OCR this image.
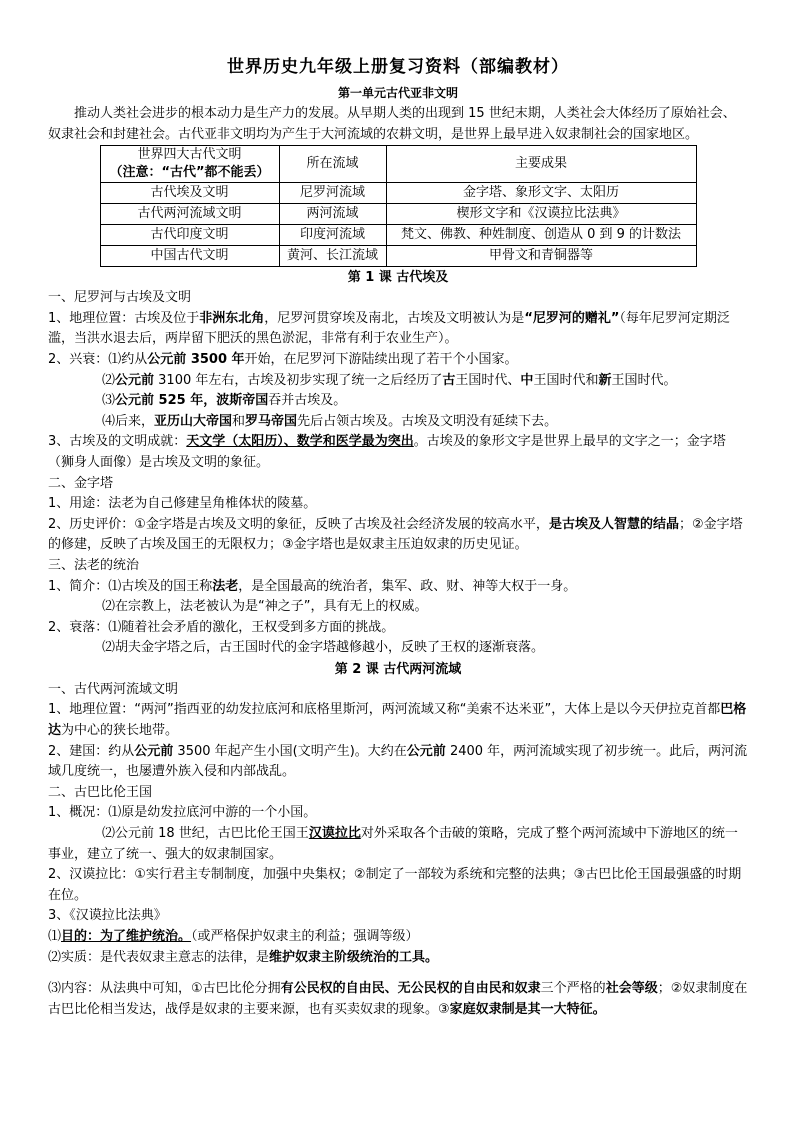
世界历史九年级上册复习资料（部编教材）
第一单元古代亚非文明

推动人类社会进步的根本动力是生产力的发展。从早期人类的出现到 15 世纪末期，人类社会大体经历了原始社会、奴隶社会和封建社会。古代亚非文明均为产生于大河流域的农耕文明，是世界上最早进入奴隶制社会的国家地区。

世界四大古代文明
（注意：“古代”都不能丢）	所在流域	主要成果
古代埃及文明	尼罗河流域	金字塔、象形文字、太阳历
古代两河流域文明	两河流域	楔形文字和《汉谟拉比法典》
古代印度文明	印度河流域	梵文、佛教、种姓制度、创造从 0 到 9 的计数法
中国古代文明	黄河、长江流域	甲骨文和青铜器等
第 1 课 古代埃及

一、尼罗河与古埃及文明

1、地理位置：古埃及位于非洲东北角，尼罗河贯穿埃及南北，古埃及文明被认为是“尼罗河的赠礼”（每年尼罗河定期泛滥，当洪水退去后，两岸留下肥沃的黑色淤泥，非常有利于农业生产）。

2、兴衰：⑴约从公元前 3500 年开始，在尼罗河下游陆续出现了若干个小国家。

⑵公元前 3100 年左右，古埃及初步实现了统一之后经历了古王国时代、中王国时代和新王国时代。

⑶公元前 525 年，波斯帝国吞并古埃及。

⑷后来，亚历山大帝国和罗马帝国先后占领古埃及。古埃及文明没有延续下去。

3、古埃及的文明成就：天文学（太阳历）、数学和医学最为突出。古埃及的象形文字是世界上最早的文字之一；金字塔（狮身人面像）是古埃及文明的象征。

二、金字塔

1、用途：法老为自己修建呈角椎体状的陵墓。

2、历史评价：①金字塔是古埃及文明的象征，反映了古埃及社会经济发展的较高水平，是古埃及人智慧的结晶；②金字塔的修建，反映了古埃及国王的无限权力；③金字塔也是奴隶主压迫奴隶的历史见证。

三、法老的统治

1、简介：⑴古埃及的国王称法老，是全国最高的统治者，集军、政、财、神等大权于一身。

⑵在宗教上，法老被认为是“神之子”，具有无上的权威。

2、衰落：⑴随着社会矛盾的激化，王权受到多方面的挑战。

⑵胡夫金字塔之后，古王国时代的金字塔越修越小，反映了王权的逐渐衰落。

第 2 课 古代两河流域

一、古代两河流域文明

1、地理位置：“两河”指西亚的幼发拉底河和底格里斯河，两河流域又称“美索不达米亚”，大体上是以今天伊拉克首都巴格达为中心的狭长地带。

2、建国：约从公元前 3500 年起产生小国(文明产生)。大约在公元前 2400 年，两河流域实现了初步统一。此后，两河流域几度统一，也屡遭外族入侵和内部战乱。

二、古巴比伦王国

1、概况：⑴原是幼发拉底河中游的一个小国。

⑵公元前 18 世纪，古巴比伦王国王汉谟拉比对外采取各个击破的策略，完成了整个两河流域中下游地区的统一事业，建立了统一、强大的奴隶制国家。

2、汉谟拉比：①实行君主专制制度，加强中央集权；②制定了一部较为系统和完整的法典；③古巴比伦王国最强盛的时期在位。

3、《汉谟拉比法典》

⑴目的：为了维护统治。（或严格保护奴隶主的利益；强调等级）

⑵实质：是代表奴隶主意志的法律，是维护奴隶主阶级统治的工具。

⑶内容：从法典中可知，①古巴比伦分拥有公民权的自由民、无公民权的自由民和奴隶三个严格的社会等级；②奴隶制度在古巴比伦相当发达，战俘是奴隶的主要来源，也有买卖奴隶的现象。③家庭奴隶制是其一大特征。
